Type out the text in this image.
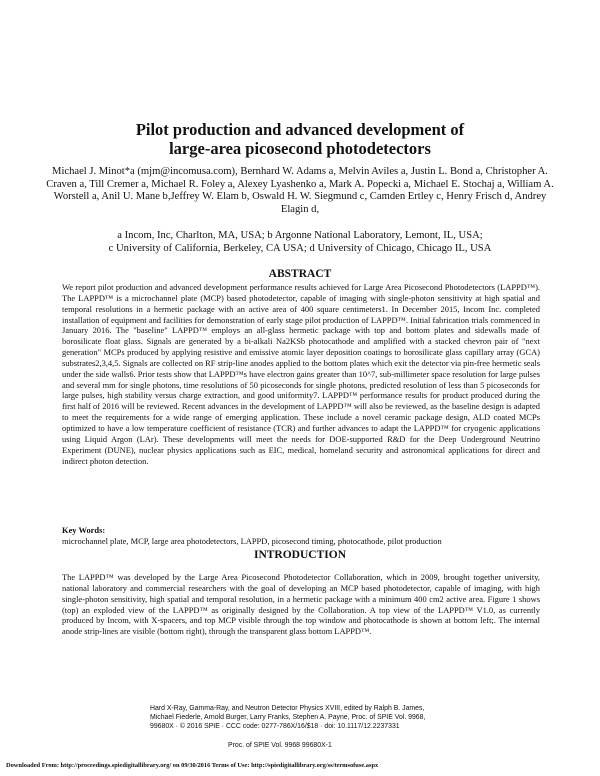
Pilot production and advanced development of
large-area picosecond photodetectors
Michael J. Minot*a (mjm@incomusa.com), Bernhard W. Adams a, Melvin Aviles a, Justin L. Bond a, Christopher A. Craven a, Till Cremer a, Michael R. Foley a, Alexey Lyashenko a, Mark A. Popecki a, Michael E. Stochaj a, William A. Worstell a, Anil U. Mane b,Jeffrey W. Elam b, Oswald H. W. Siegmund c, Camden Ertley c, Henry Frisch d, Andrey Elagin d,
a Incom, Inc, Charlton, MA, USA; b Argonne National Laboratory, Lemont, IL, USA;
c University of California, Berkeley, CA USA; d University of Chicago, Chicago IL, USA
ABSTRACT
We report pilot production and advanced development performance results achieved for Large Area Picosecond Photodetectors (LAPPD™). The LAPPD™ is a microchannel plate (MCP) based photodetector, capable of imaging with single-photon sensitivity at high spatial and temporal resolutions in a hermetic package with an active area of 400 square centimeters1. In December 2015, Incom Inc. completed installation of equipment and facilities for demonstration of early stage pilot production of LAPPD™. Initial fabrication trials commenced in January 2016. The "baseline" LAPPD™ employs an all-glass hermetic package with top and bottom plates and sidewalls made of borosilicate float glass. Signals are generated by a bi-alkali Na2KSb photocathode and amplified with a stacked chevron pair of "next generation" MCPs produced by applying resistive and emissive atomic layer deposition coatings to borosilicate glass capillary array (GCA) substrates2,3,4,5. Signals are collected on RF strip-line anodes applied to the bottom plates which exit the detector via pin-free hermetic seals under the side walls6. Prior tests show that LAPPD™s have electron gains greater than 10^7, sub-millimeter space resolution for large pulses and several mm for single photons, time resolutions of 50 picoseconds for single photons, predicted resolution of less than 5 picoseconds for large pulses, high stability versus charge extraction, and good uniformity7. LAPPD™ performance results for product produced during the first half of 2016 will be reviewed. Recent advances in the development of LAPPD™ will also be reviewed, as the baseline design is adapted to meet the requirements for a wide range of emerging application. These include a novel ceramic package design, ALD coated MCPs optimized to have a low temperature coefficient of resistance (TCR) and further advances to adapt the LAPPD™ for cryogenic applications using Liquid Argon (LAr). These developments will meet the needs for DOE-supported R&D for the Deep Underground Neutrino Experiment (DUNE), nuclear physics applications such as EIC, medical, homeland security and astronomical applications for direct and indirect photon detection.

Key Words:
microchannel plate, MCP, large area photodetectors, LAPPD, picosecond timing, photocathode, pilot production

INTRODUCTION
The LAPPD™ was developed by the Large Area Picosecond Photodetector Collaboration, which in 2009, brought together university, national laboratory and commercial researchers with the goal of developing an MCP based photodetector, capable of imaging, with high single-photon sensitivity, high spatial and temporal resolution, in a hermetic package with a minimum 400 cm2 active area. Figure 1 shows (top) an exploded view of the LAPPD™ as originally designed by the Collaboration. A top view of the LAPPD™ V1.0, as currently produced by Incom, with X-spacers, and top MCP visible through the top window and photocathode is shown at bottom left;. The internal anode strip-lines are visible (bottom right), through the transparent glass bottom LAPPD™.
Hard X-Ray, Gamma-Ray, and Neutron Detector Physics XVIII, edited by Ralph B. James,
Michael Fiederle, Arnold Burger, Larry Franks, Stephen A. Payne, Proc. of SPIE Vol. 9968,
99680X · © 2016 SPIE · CCC code: 0277-786X/16/$18 · doi: 10.1117/12.2237331
Proc. of SPIE Vol. 9968 99680X-1
Downloaded From: http://proceedings.spiedigitallibrary.org/ on 09/30/2016 Terms of Use: http://spiedigitallibrary.org/ss/termsofuse.aspx
